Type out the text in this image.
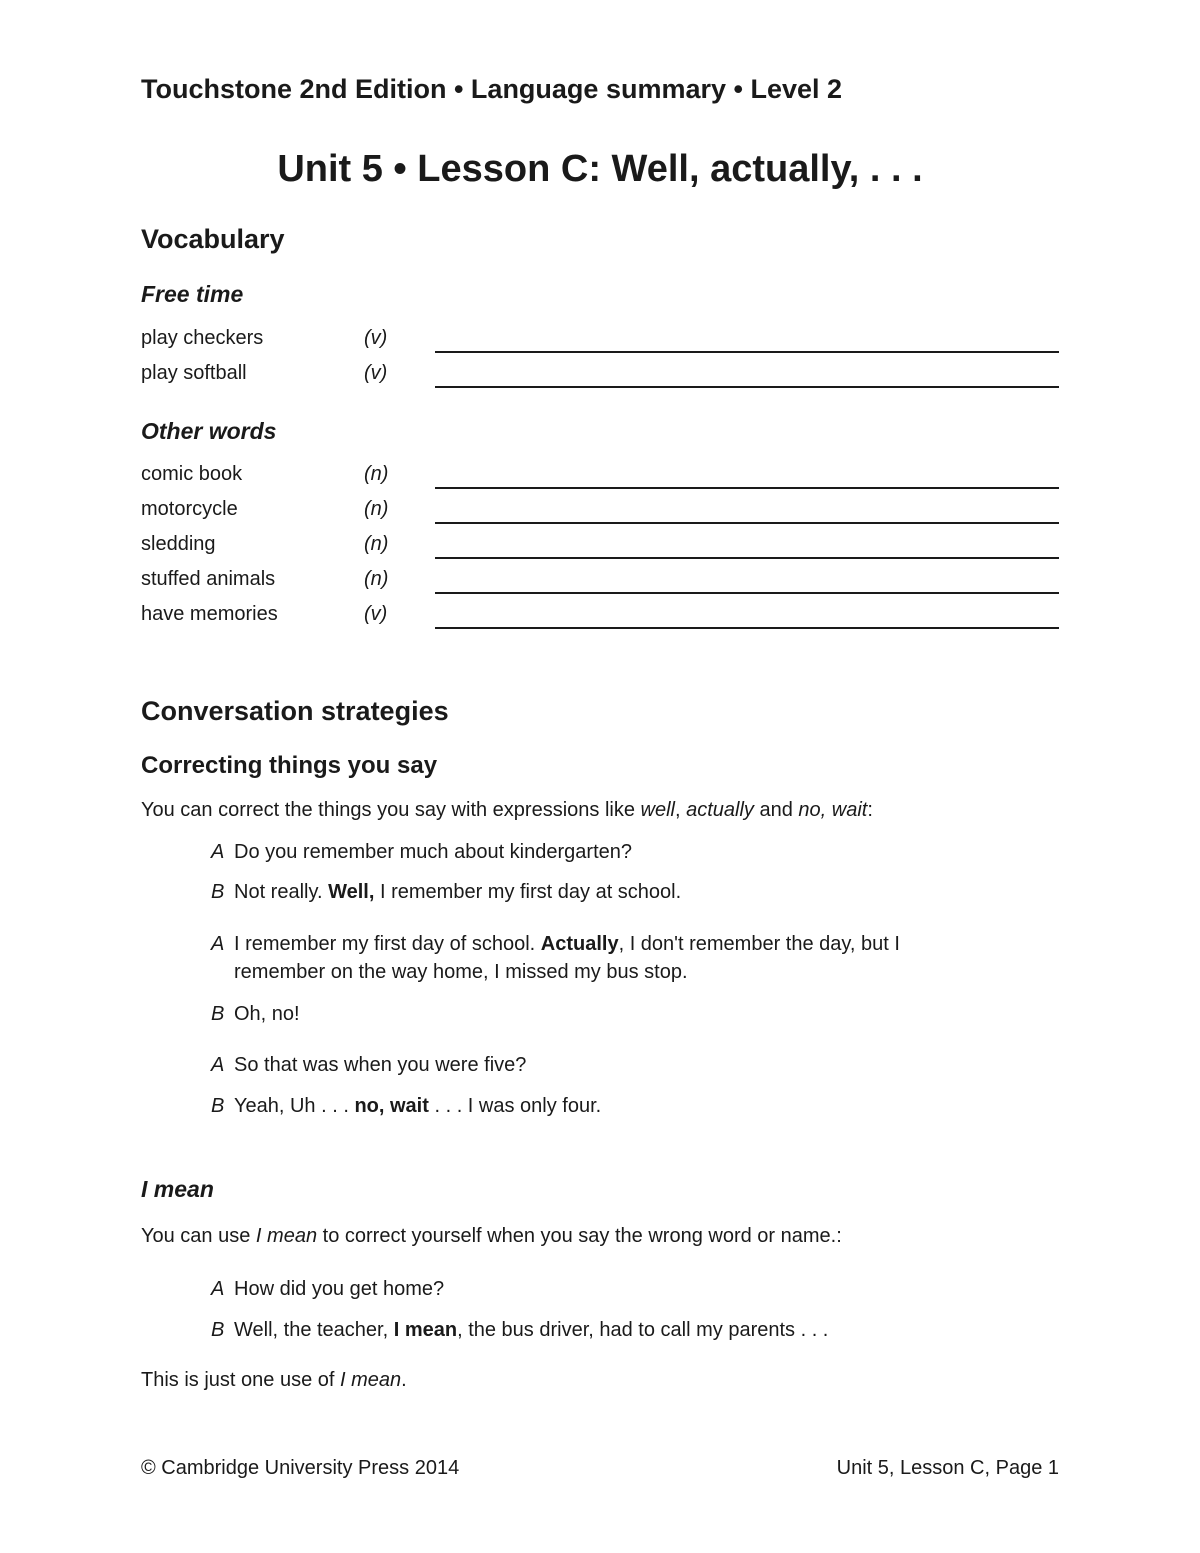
Touchstone 2nd Edition • Language summary • Level 2
Unit 5 • Lesson C: Well, actually, . . .
Vocabulary
Free time
play checkers	(v)
play softball	(v)
Other words
comic book	(n)
motorcycle	(n)
sledding	(n)
stuffed animals	(n)
have memories	(v)
Conversation strategies
Correcting things you say
You can correct the things you say with expressions like well, actually and no, wait:
A Do you remember much about kindergarten?
B Not really. Well, I remember my first day at school.
A I remember my first day of school. Actually, I don't remember the day, but I remember on the way home, I missed my bus stop.
B Oh, no!
A So that was when you were five?
B Yeah, Uh . . . no, wait . . . I was only four.
I mean
You can use I mean to correct yourself when you say the wrong word or name.:
A How did you get home?
B Well, the teacher, I mean, the bus driver, had to call my parents . . .
This is just one use of I mean.
© Cambridge University Press 2014	Unit 5, Lesson C, Page 1
